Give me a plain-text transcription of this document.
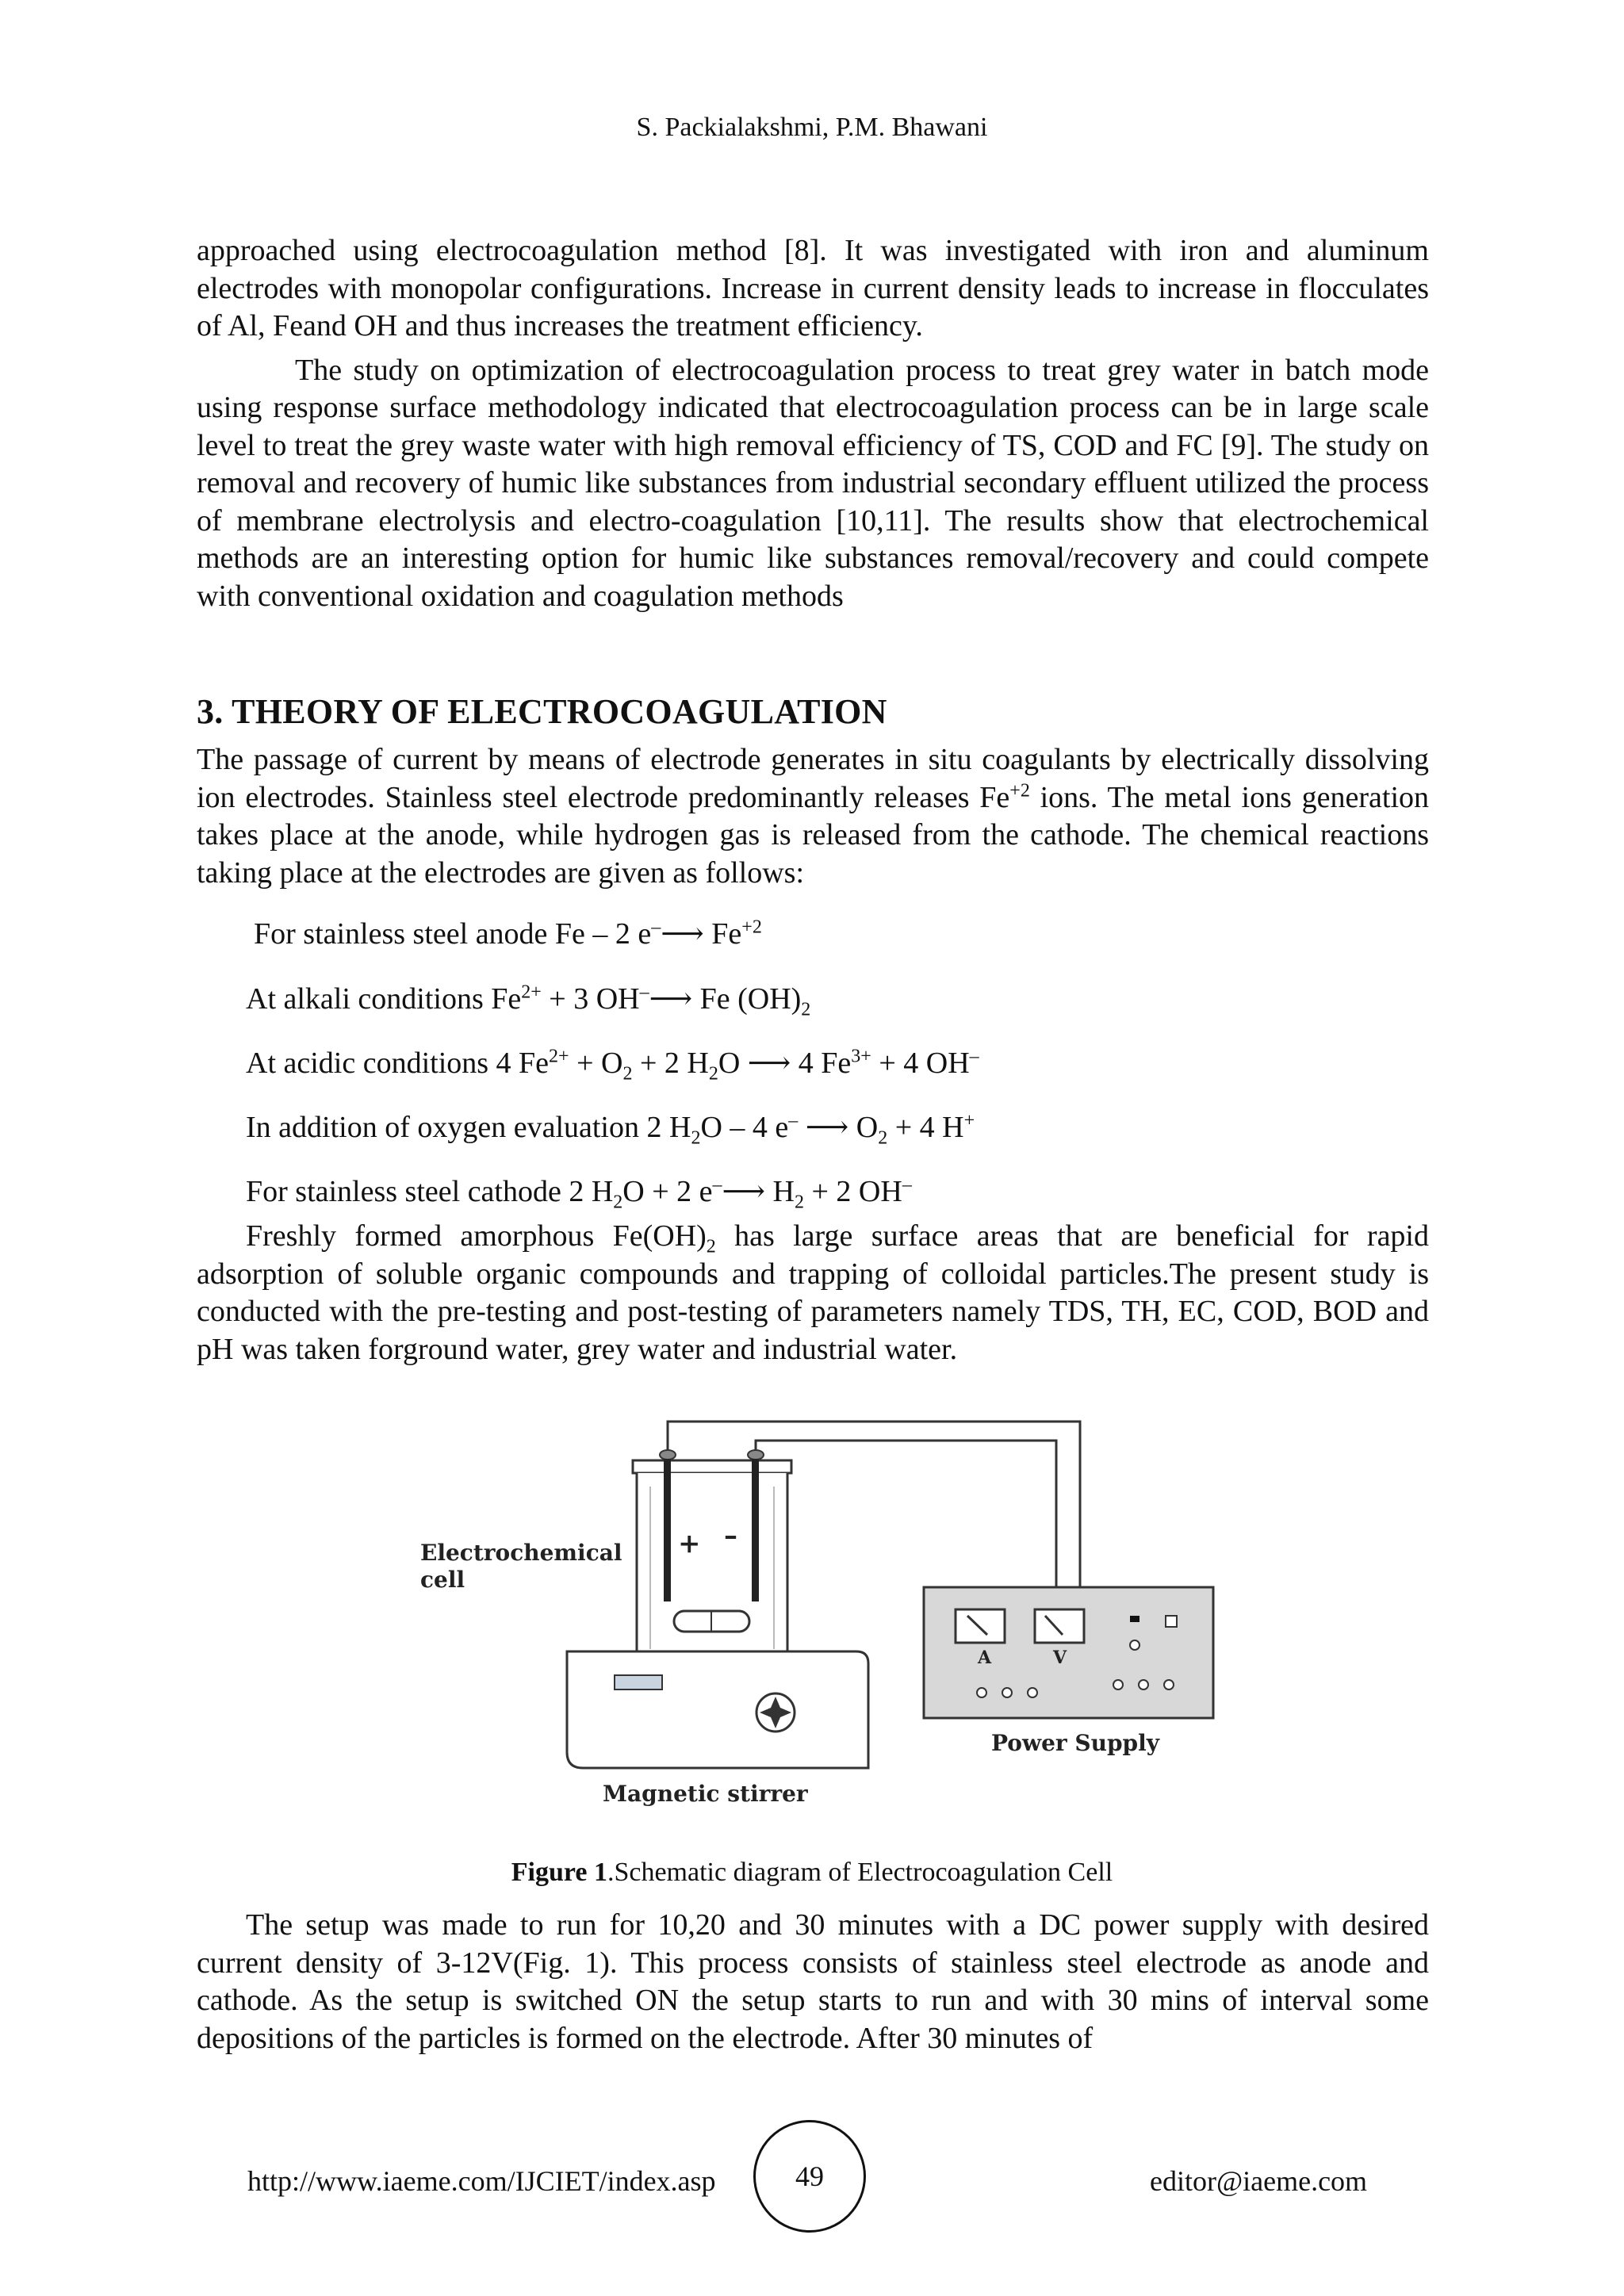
S. Packialakshmi, P.M. Bhawani

approached using electrocoagulation method [8]. It was investigated with iron and aluminum electrodes with monopolar configurations. Increase in current density leads to increase in flocculates of Al, Feand OH and thus increases the treatment efficiency.

The study on optimization of electrocoagulation process to treat grey water in batch mode using response surface methodology indicated that electrocoagulation process can be in large scale level to treat the grey waste water with high removal efficiency of TS, COD and FC [9]. The study on removal and recovery of humic like substances from industrial secondary effluent utilized the process of membrane electrolysis and electro-coagulation [10,11]. The results show that electrochemical methods are an interesting option for humic like substances removal/recovery and could compete with conventional oxidation and coagulation methods

3. THEORY OF ELECTROCOAGULATION

The passage of current by means of electrode generates in situ coagulants by electrically dissolving ion electrodes. Stainless steel electrode predominantly releases $Fe^{+2}$ ions. The metal ions generation takes place at the anode, while hydrogen gas is released from the cathode. The chemical reactions taking place at the electrodes are given as follows:

For stainless steel anode Fe – 2 e–⟶ $Fe^{+2}$
At alkali conditions $Fe^{2+} + 3$ OH–⟶ Fe $(OH)_2$
At acidic conditions 4 $Fe^{2+} + O_2 + 2$ $H_2O$ ⟶ 4 $Fe^{3+} + 4$ OH–
In addition of oxygen evaluation 2 $H_2O - 4$ e– ⟶ $O_2 + 4$ H+
For stainless steel cathode 2 $H_2O + 2$ e–⟶ $H_2 + 2$ OH–

Freshly formed amorphous $Fe(OH)_2$ has large surface areas that are beneficial for rapid adsorption of soluble organic compounds and trapping of colloidal particles.The present study is conducted with the pre-testing and post-testing of parameters namely TDS, TH, EC, COD, BOD and pH was taken forground water, grey water and industrial water.

+ –
Electrochemical
cell
Magnetic stirrer
A	V
Power Supply
Figure 1.Schematic diagram of Electrocoagulation Cell

The setup was made to run for 10,20 and 30 minutes with a DC power supply with desired current density of 3-12V(Fig. 1). This process consists of stainless steel electrode as anode and cathode. As the setup is switched ON the setup starts to run and with 30 mins of interval some depositions of the particles is formed on the electrode. After 30 minutes of

http://www.iaeme.com/IJCIET/index.asp	49	editor@iaeme.com
